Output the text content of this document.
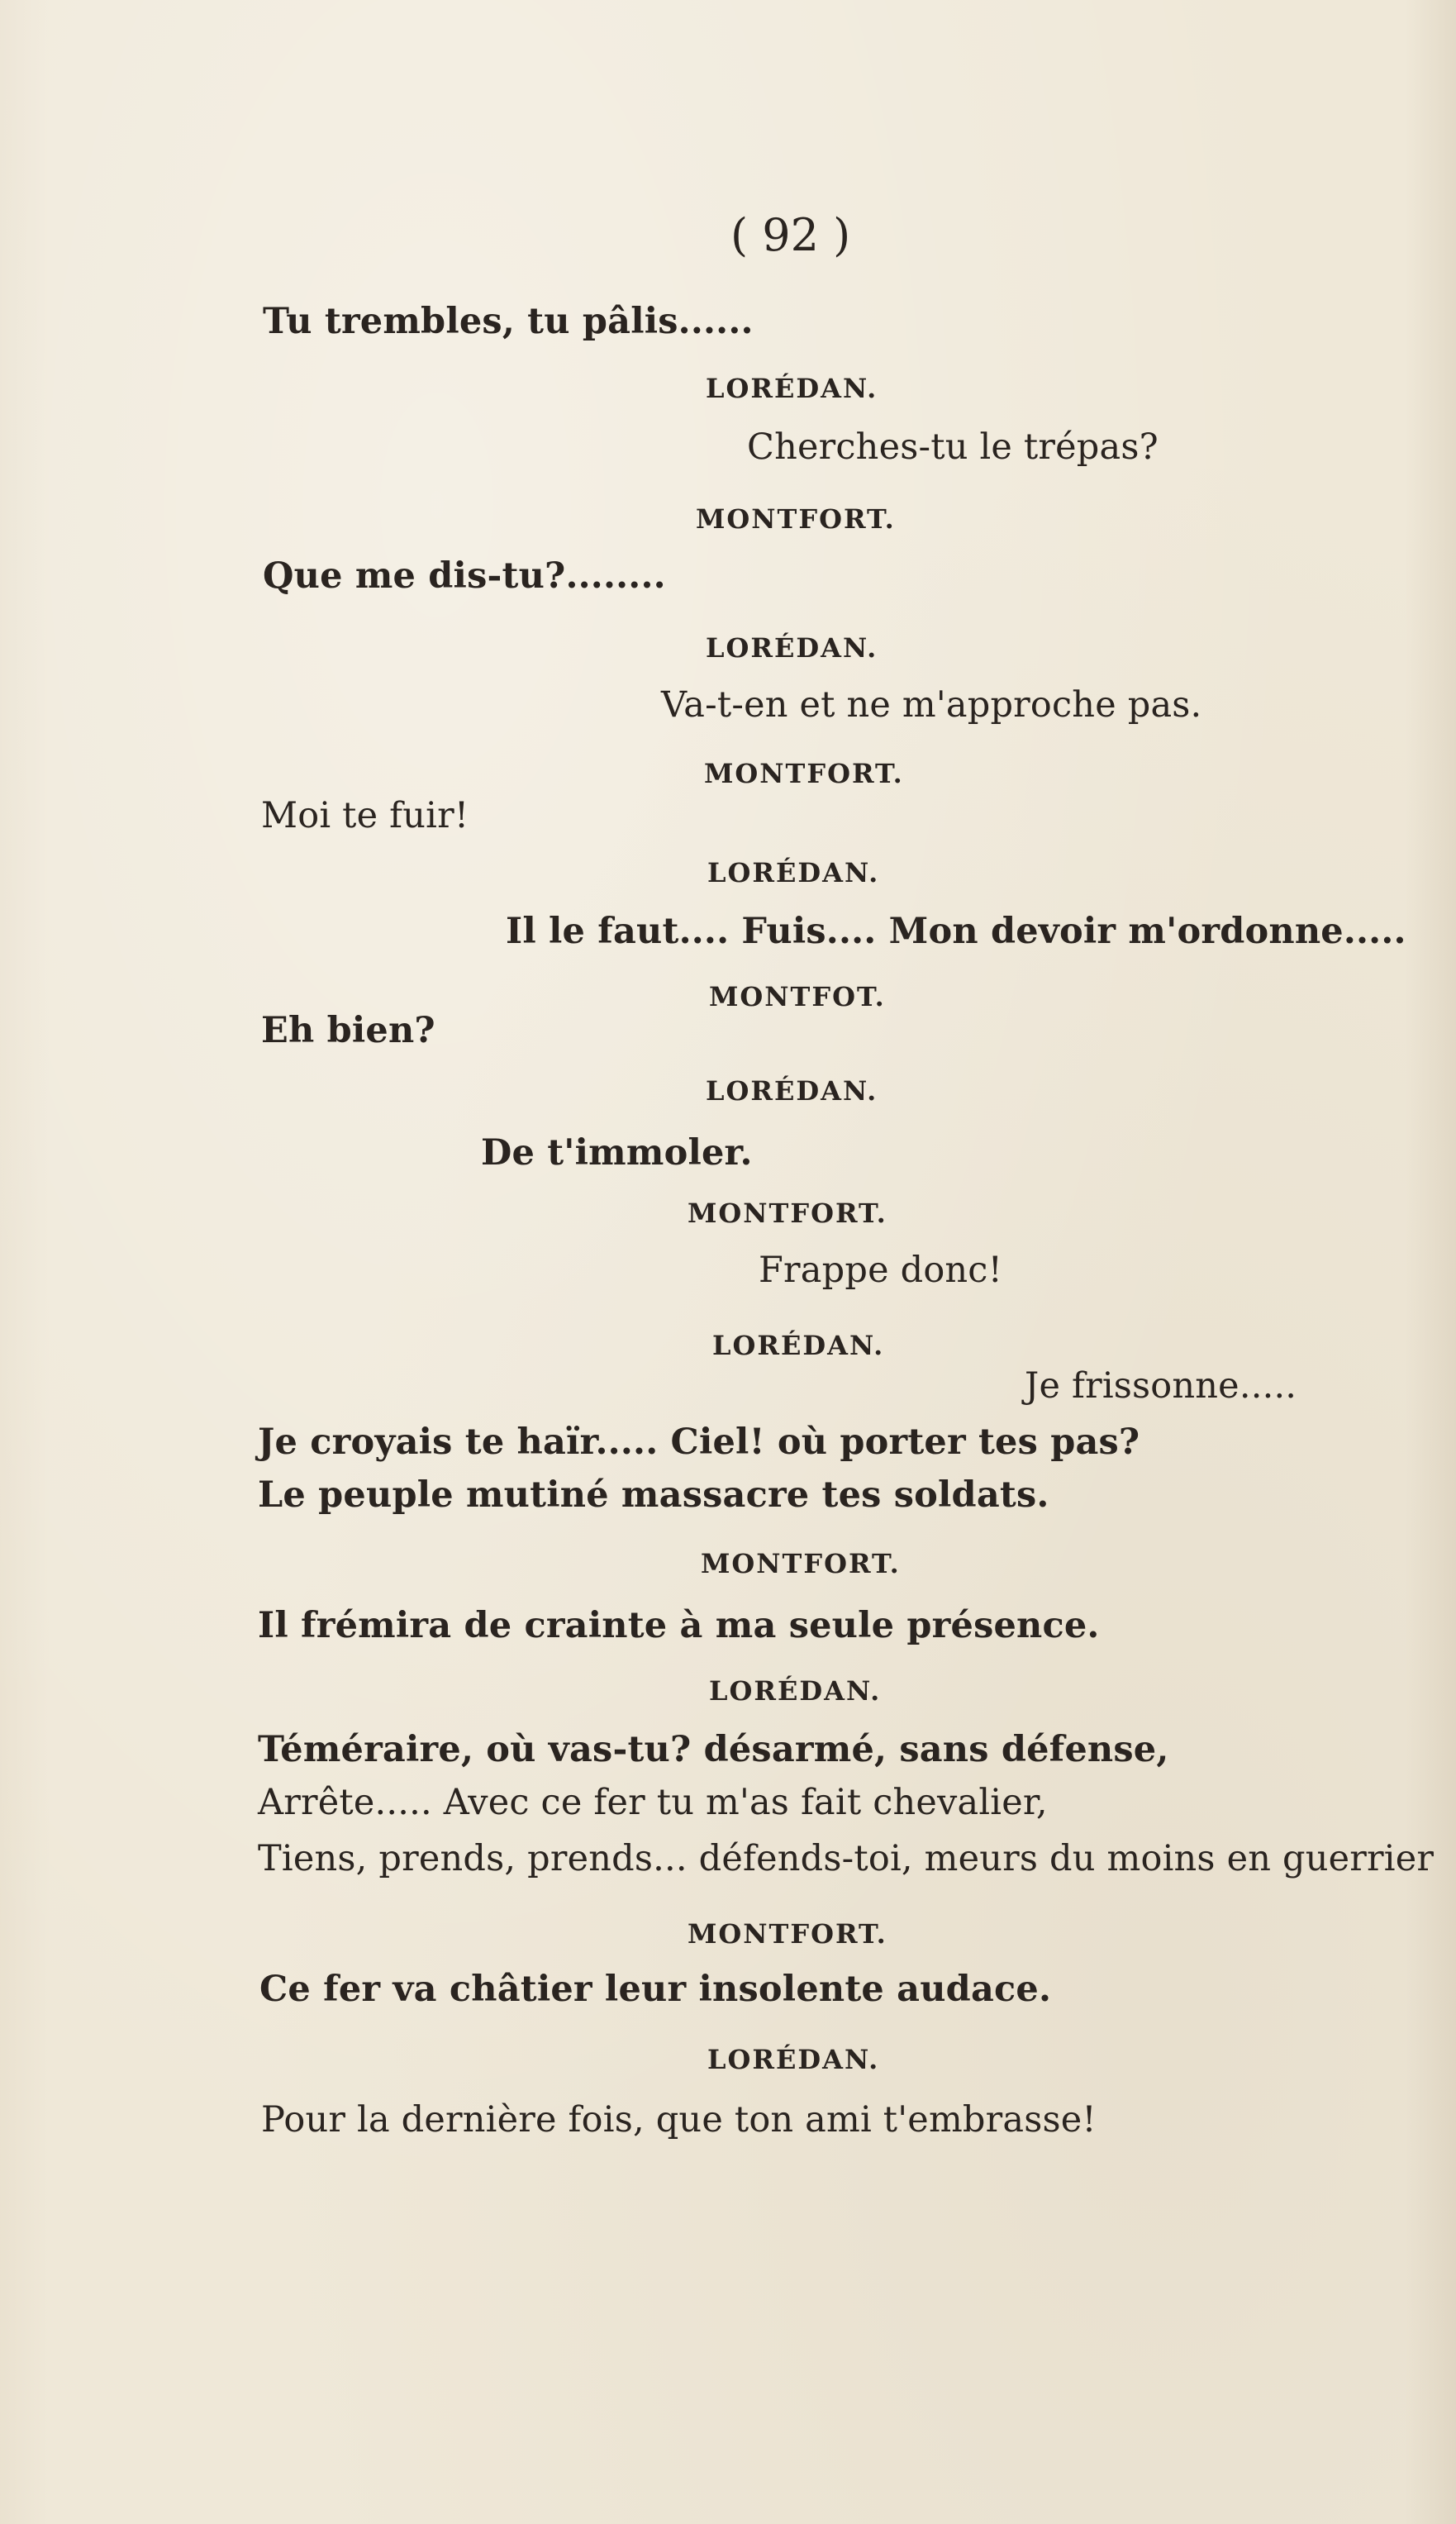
( 92 )
Tu trembles, tu pâlis......
LORÉDAN.
Cherches-tu le trépas?
MONTFORT.
Que me dis-tu?........
LORÉDAN.
Va-t-en et ne m'approche pas.
MONTFORT.
Moi te fuir!
LORÉDAN.
Il le faut.... Fuis.... Mon devoir m'ordonne.....
MONTFOT.
Eh bien?
LORÉDAN.
De t'immoler.
MONTFORT.
Frappe donc!
LORÉDAN.
Je frissonne.....
Je croyais te haïr..... Ciel! où porter tes pas?
Le peuple mutiné massacre tes soldats.
MONTFORT.
Il frémira de crainte à ma seule présence.
LORÉDAN.
Téméraire, où vas-tu? désarmé, sans défense,
Arrête..... Avec ce fer tu m'as fait chevalier,
Tiens, prends, prends... défends-toi, meurs du moins en guerrier
MONTFORT.
Ce fer va châtier leur insolente audace.
LORÉDAN.
Pour la dernière fois, que ton ami t'embrasse!
